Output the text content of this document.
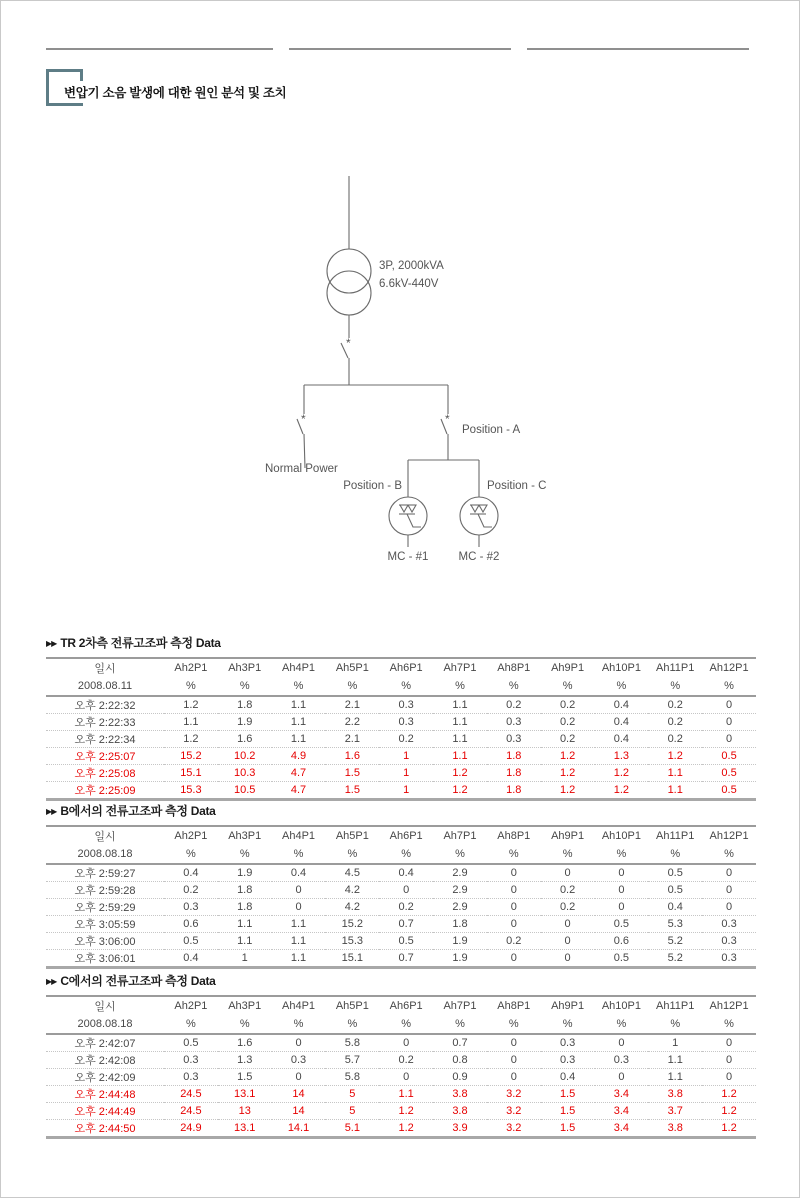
변압기 소음 발생에 대한 원인 분석 및 조치
3P, 2000kVA
6.6kV-440V
*
*
Normal Power
*
Position - A
Position - B	Position - C
MC - #1	MC - #2

▶▶ TR 2차측 전류고조파 측정 Data

일시	Ah2P1	Ah3P1	Ah4P1	Ah5P1	Ah6P1	Ah7P1	Ah8P1	Ah9P1	Ah10P1	Ah11P1	Ah12P1
2008.08.11	%	%	%	%	%	%	%	%	%	%	%
오후 2:22:32	1.2	1.8	1.1	2.1	0.3	1.1	0.2	0.2	0.4	0.2	0
오후 2:22:33	1.1	1.9	1.1	2.2	0.3	1.1	0.3	0.2	0.4	0.2	0
오후 2:22:34	1.2	1.6	1.1	2.1	0.2	1.1	0.3	0.2	0.4	0.2	0
오후 2:25:07	15.2	10.2	4.9	1.6	1	1.1	1.8	1.2	1.3	1.2	0.5
오후 2:25:08	15.1	10.3	4.7	1.5	1	1.2	1.8	1.2	1.2	1.1	0.5
오후 2:25:09	15.3	10.5	4.7	1.5	1	1.2	1.8	1.2	1.2	1.1	0.5

▶▶ B에서의 전류고조파 측정 Data

일시	Ah2P1	Ah3P1	Ah4P1	Ah5P1	Ah6P1	Ah7P1	Ah8P1	Ah9P1	Ah10P1	Ah11P1	Ah12P1
2008.08.18	%	%	%	%	%	%	%	%	%	%	%
오후 2:59:27	0.4	1.9	0.4	4.5	0.4	2.9	0	0	0	0.5	0
오후 2:59:28	0.2	1.8	0	4.2	0	2.9	0	0.2	0	0.5	0
오후 2:59:29	0.3	1.8	0	4.2	0.2	2.9	0	0.2	0	0.4	0
오후 3:05:59	0.6	1.1	1.1	15.2	0.7	1.8	0	0	0.5	5.3	0.3
오후 3:06:00	0.5	1.1	1.1	15.3	0.5	1.9	0.2	0	0.6	5.2	0.3
오후 3:06:01	0.4	1	1.1	15.1	0.7	1.9	0	0	0.5	5.2	0.3

▶▶ C에서의 전류고조파 측정 Data

일시	Ah2P1	Ah3P1	Ah4P1	Ah5P1	Ah6P1	Ah7P1	Ah8P1	Ah9P1	Ah10P1	Ah11P1	Ah12P1
2008.08.18	%	%	%	%	%	%	%	%	%	%	%
오후 2:42:07	0.5	1.6	0	5.8	0	0.7	0	0.3	0	1	0
오후 2:42:08	0.3	1.3	0.3	5.7	0.2	0.8	0	0.3	0.3	1.1	0
오후 2:42:09	0.3	1.5	0	5.8	0	0.9	0	0.4	0	1.1	0
오후 2:44:48	24.5	13.1	14	5	1.1	3.8	3.2	1.5	3.4	3.8	1.2
오후 2:44:49	24.5	13	14	5	1.2	3.8	3.2	1.5	3.4	3.7	1.2
오후 2:44:50	24.9	13.1	14.1	5.1	1.2	3.9	3.2	1.5	3.4	3.8	1.2
